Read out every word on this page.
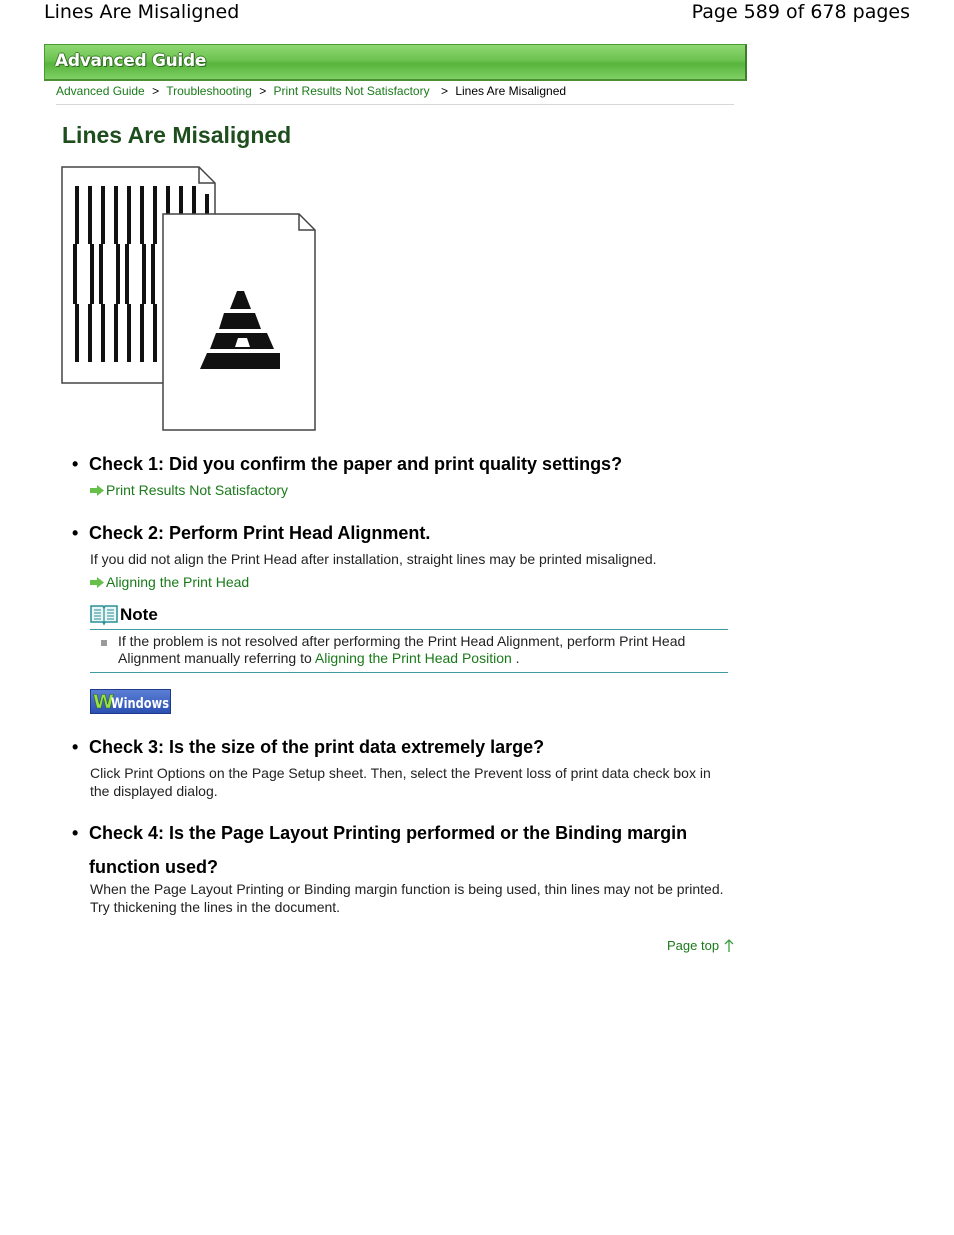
Lines Are Misaligned	Page 589 of 678 pages
Advanced Guide
Advanced Guide > Troubleshooting > Print Results Not Satisfactory > Lines Are Misaligned
Lines Are Misaligned
• Check 1: Did you confirm the paper and print quality settings?
Print Results Not Satisfactory
• Check 2: Perform Print Head Alignment.
If you did not align the Print Head after installation, straight lines may be printed misaligned.
Aligning the Print Head
Note
If the problem is not resolved after performing the Print Head Alignment, perform Print Head Alignment manually referring to Aligning the Print Head Position .
W
Windows
• Check 3: Is the size of the print data extremely large?
Click Print Options on the Page Setup sheet. Then, select the Prevent loss of print data check box in the displayed dialog.
• Check 4: Is the Page Layout Printing performed or the Binding margin
function used?
When the Page Layout Printing or Binding margin function is being used, thin lines may not be printed. Try thickening the lines in the document.
Page top
